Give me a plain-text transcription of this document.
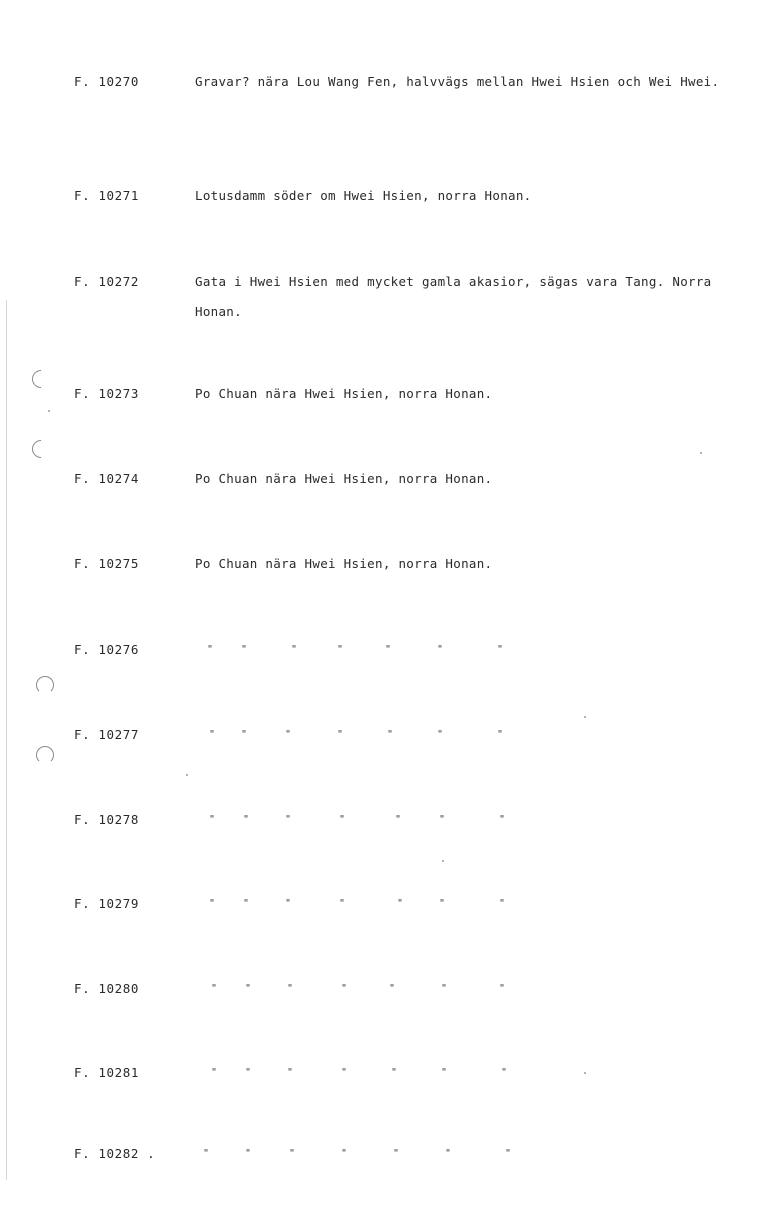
F. 10270	Gravar? nära Lou Wang Fen, halvvägs mellan Hwei Hsien och Wei Hwei.
F. 10271	Lotusdamm söder om Hwei Hsien, norra Honan.
F. 10272	Gata i Hwei Hsien med mycket gamla akasior, sägas vara Tang. Norra Honan.
F. 10273	Po Chuan nära Hwei Hsien, norra Honan.
F. 10274	Po Chuan nära Hwei Hsien, norra Honan.
F. 10275	Po Chuan nära Hwei Hsien, norra Honan.
F. 10276	"	"	"	"	"	"	"
F. 10277	"	"	"	"	"	"	"
F. 10278	"	"	"	"	"	"	"
F. 10279	"	"	"	"	"	"	"
F. 10280	"	"	"	"	"	"	"
F. 10281	"	"	"	"	"	"	"
F. 10282 .	"	"	"	"	"	"	"
